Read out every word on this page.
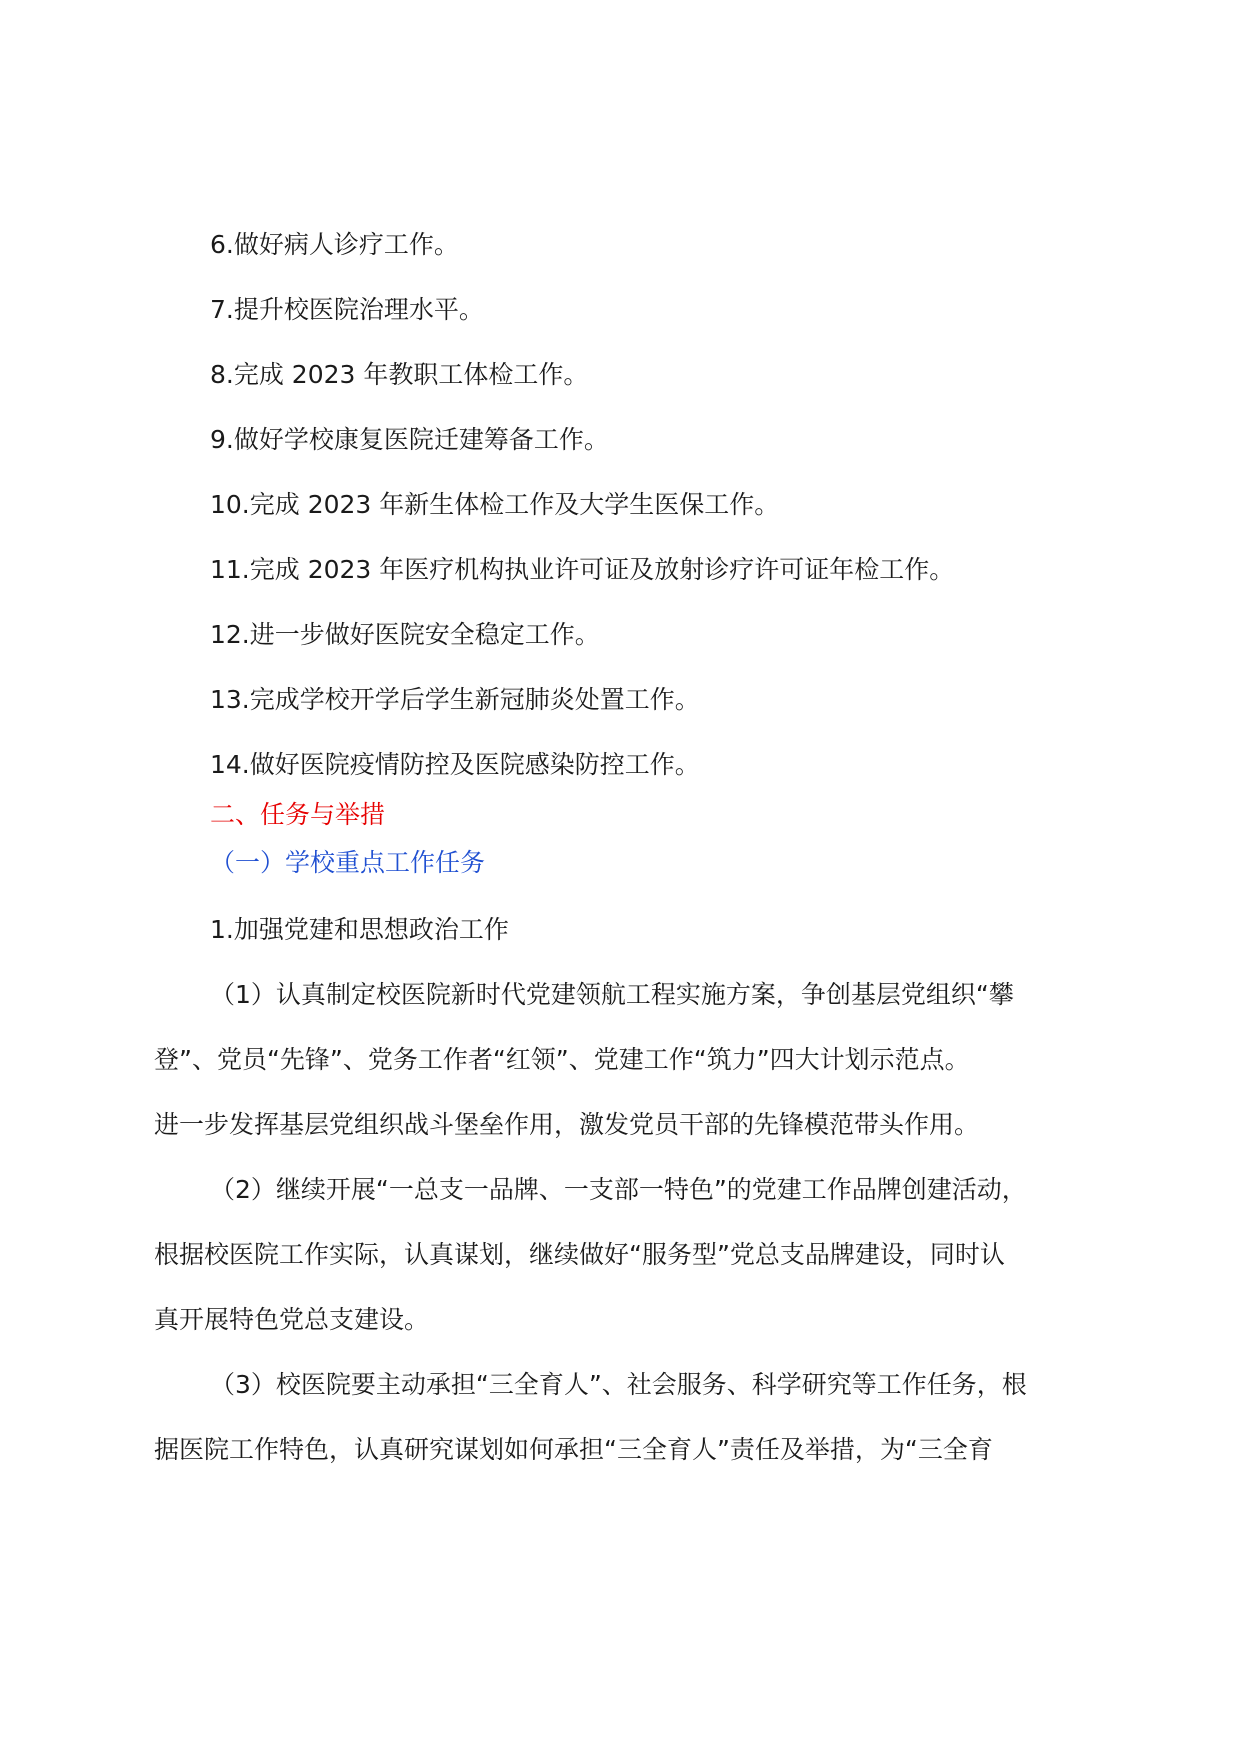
6.做好病人诊疗工作。
7.提升校医院治理水平。
8.完成 2023 年教职工体检工作。
9.做好学校康复医院迁建筹备工作。
10.完成 2023 年新生体检工作及大学生医保工作。
11.完成 2023 年医疗机构执业许可证及放射诊疗许可证年检工作。
12.进一步做好医院安全稳定工作。
13.完成学校开学后学生新冠肺炎处置工作。
14.做好医院疫情防控及医院感染防控工作。
二、任务与举措
（一）学校重点工作任务
1.加强党建和思想政治工作
（1）认真制定校医院新时代党建领航工程实施方案，争创基层党组织“攀
登”、党员“先锋”、党务工作者“红领”、党建工作“筑力”四大计划示范点。
进一步发挥基层党组织战斗堡垒作用，激发党员干部的先锋模范带头作用。
（2）继续开展“一总支一品牌、一支部一特色”的党建工作品牌创建活动，
根据校医院工作实际，认真谋划，继续做好“服务型”党总支品牌建设，同时认
真开展特色党总支建设。
（3）校医院要主动承担“三全育人”、社会服务、科学研究等工作任务，根
据医院工作特色，认真研究谋划如何承担“三全育人”责任及举措，为“三全育
